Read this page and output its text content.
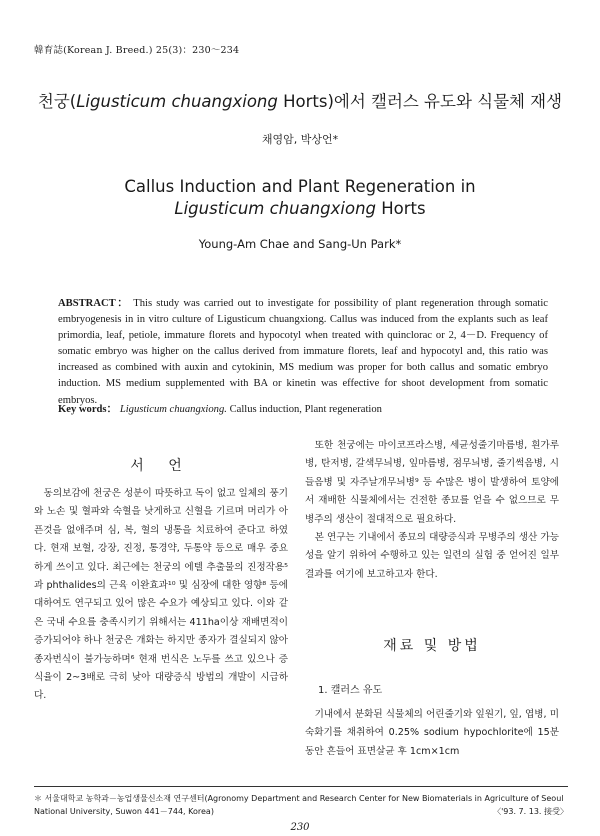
韓育誌(Korean J. Breed.) 25(3)：230～234
천궁(Ligusticum chuangxiong Horts)에서 캘러스 유도와 식물체 재생
채영암, 박상언*
Callus Induction and Plant Regeneration in
Ligusticum chuangxiong Horts
Young-Am Chae and Sang-Un Park*
ABSTRACT： This study was carried out to investigate for possibility of plant regeneration through somatic embryogenesis in in vitro culture of Ligusticum chuangxiong. Callus was induced from the explants such as leaf primordia, leaf, petiole, immature florets and hypocotyl when treated with quinclorac or 2, 4－D. Frequency of somatic embryo was higher on the callus derived from immature florets, leaf and hypocotyl and, this ratio was increased as combined with auxin and cytokinin, MS medium was proper for both callus and somatic embryo induction. MS medium supplemented with BA or kinetin was effective for shoot development from somatic embryos.
Key words： Ligusticum chuangxiong. Callus induction, Plant regeneration
서 언

동의보감에 천궁은 성분이 따뜻하고 독이 없고 일체의 풍기와 노손 및 혈파와 숙혈을 낫게하고 신혈을 기르며 머리가 아픈것을 없애주며 심, 복, 혈의 냉통을 치료하여 준다고 하였다. 현재 보혈, 강장, 진정, 통경약, 두통약 등으로 매우 중요하게 쓰이고 있다. 최근에는 천궁의 에텔 추출물의 진정작용⁵과 phthalides의 근육 이완효과¹⁰ 및 심장에 대한 영향⁸ 등에 대하여도 연구되고 있어 많은 수요가 예상되고 있다. 이와 같은 국내 수요를 충족시키기 위해서는 411ha이상 재배면적이 증가되어야 하나 천궁은 개화는 하지만 종자가 결실되지 않아 종자번식이 불가능하며⁶ 현재 번식은 노두를 쓰고 있으나 증식율이 2~3배로 극히 낮아 대량증식 방법의 개발이 시급하다.

또한 천궁에는 마이코프라스병, 세균성줄기마름병, 흰가루병, 탄저병, 갈색무늬병, 잎마름병, 점무늬병, 줄기썩음병, 시들음병 및 자주날개무늬병⁹ 등 수많은 병이 발생하여 토양에서 재배한 식물체에서는 건전한 종묘를 얻을 수 없으므로 무병주의 생산이 절대적으로 필요하다.

본 연구는 기내에서 종묘의 대량증식과 무병주의 생산 가능성을 알기 위하여 수행하고 있는 일련의 실험 중 얻어진 일부 결과를 여기에 보고하고자 한다.

재료 및 방법
1. 캘러스 유도

기내에서 분화된 식물체의 어린줄기와 잎원기, 잎, 엽병, 미숙화기를 채취하여 0.25% sodium hypochlorite에 15분 동안 흔들어 표면살균 후 1cm×1cm

＊ 서울대학교 농학과－농업생물신소재 연구센터(Agronomy Department and Research Center for New Biomaterials in Agriculture of Seoul National University, Suwon 441－744, Korea)	〈'93. 7. 13. 接受〉
230
